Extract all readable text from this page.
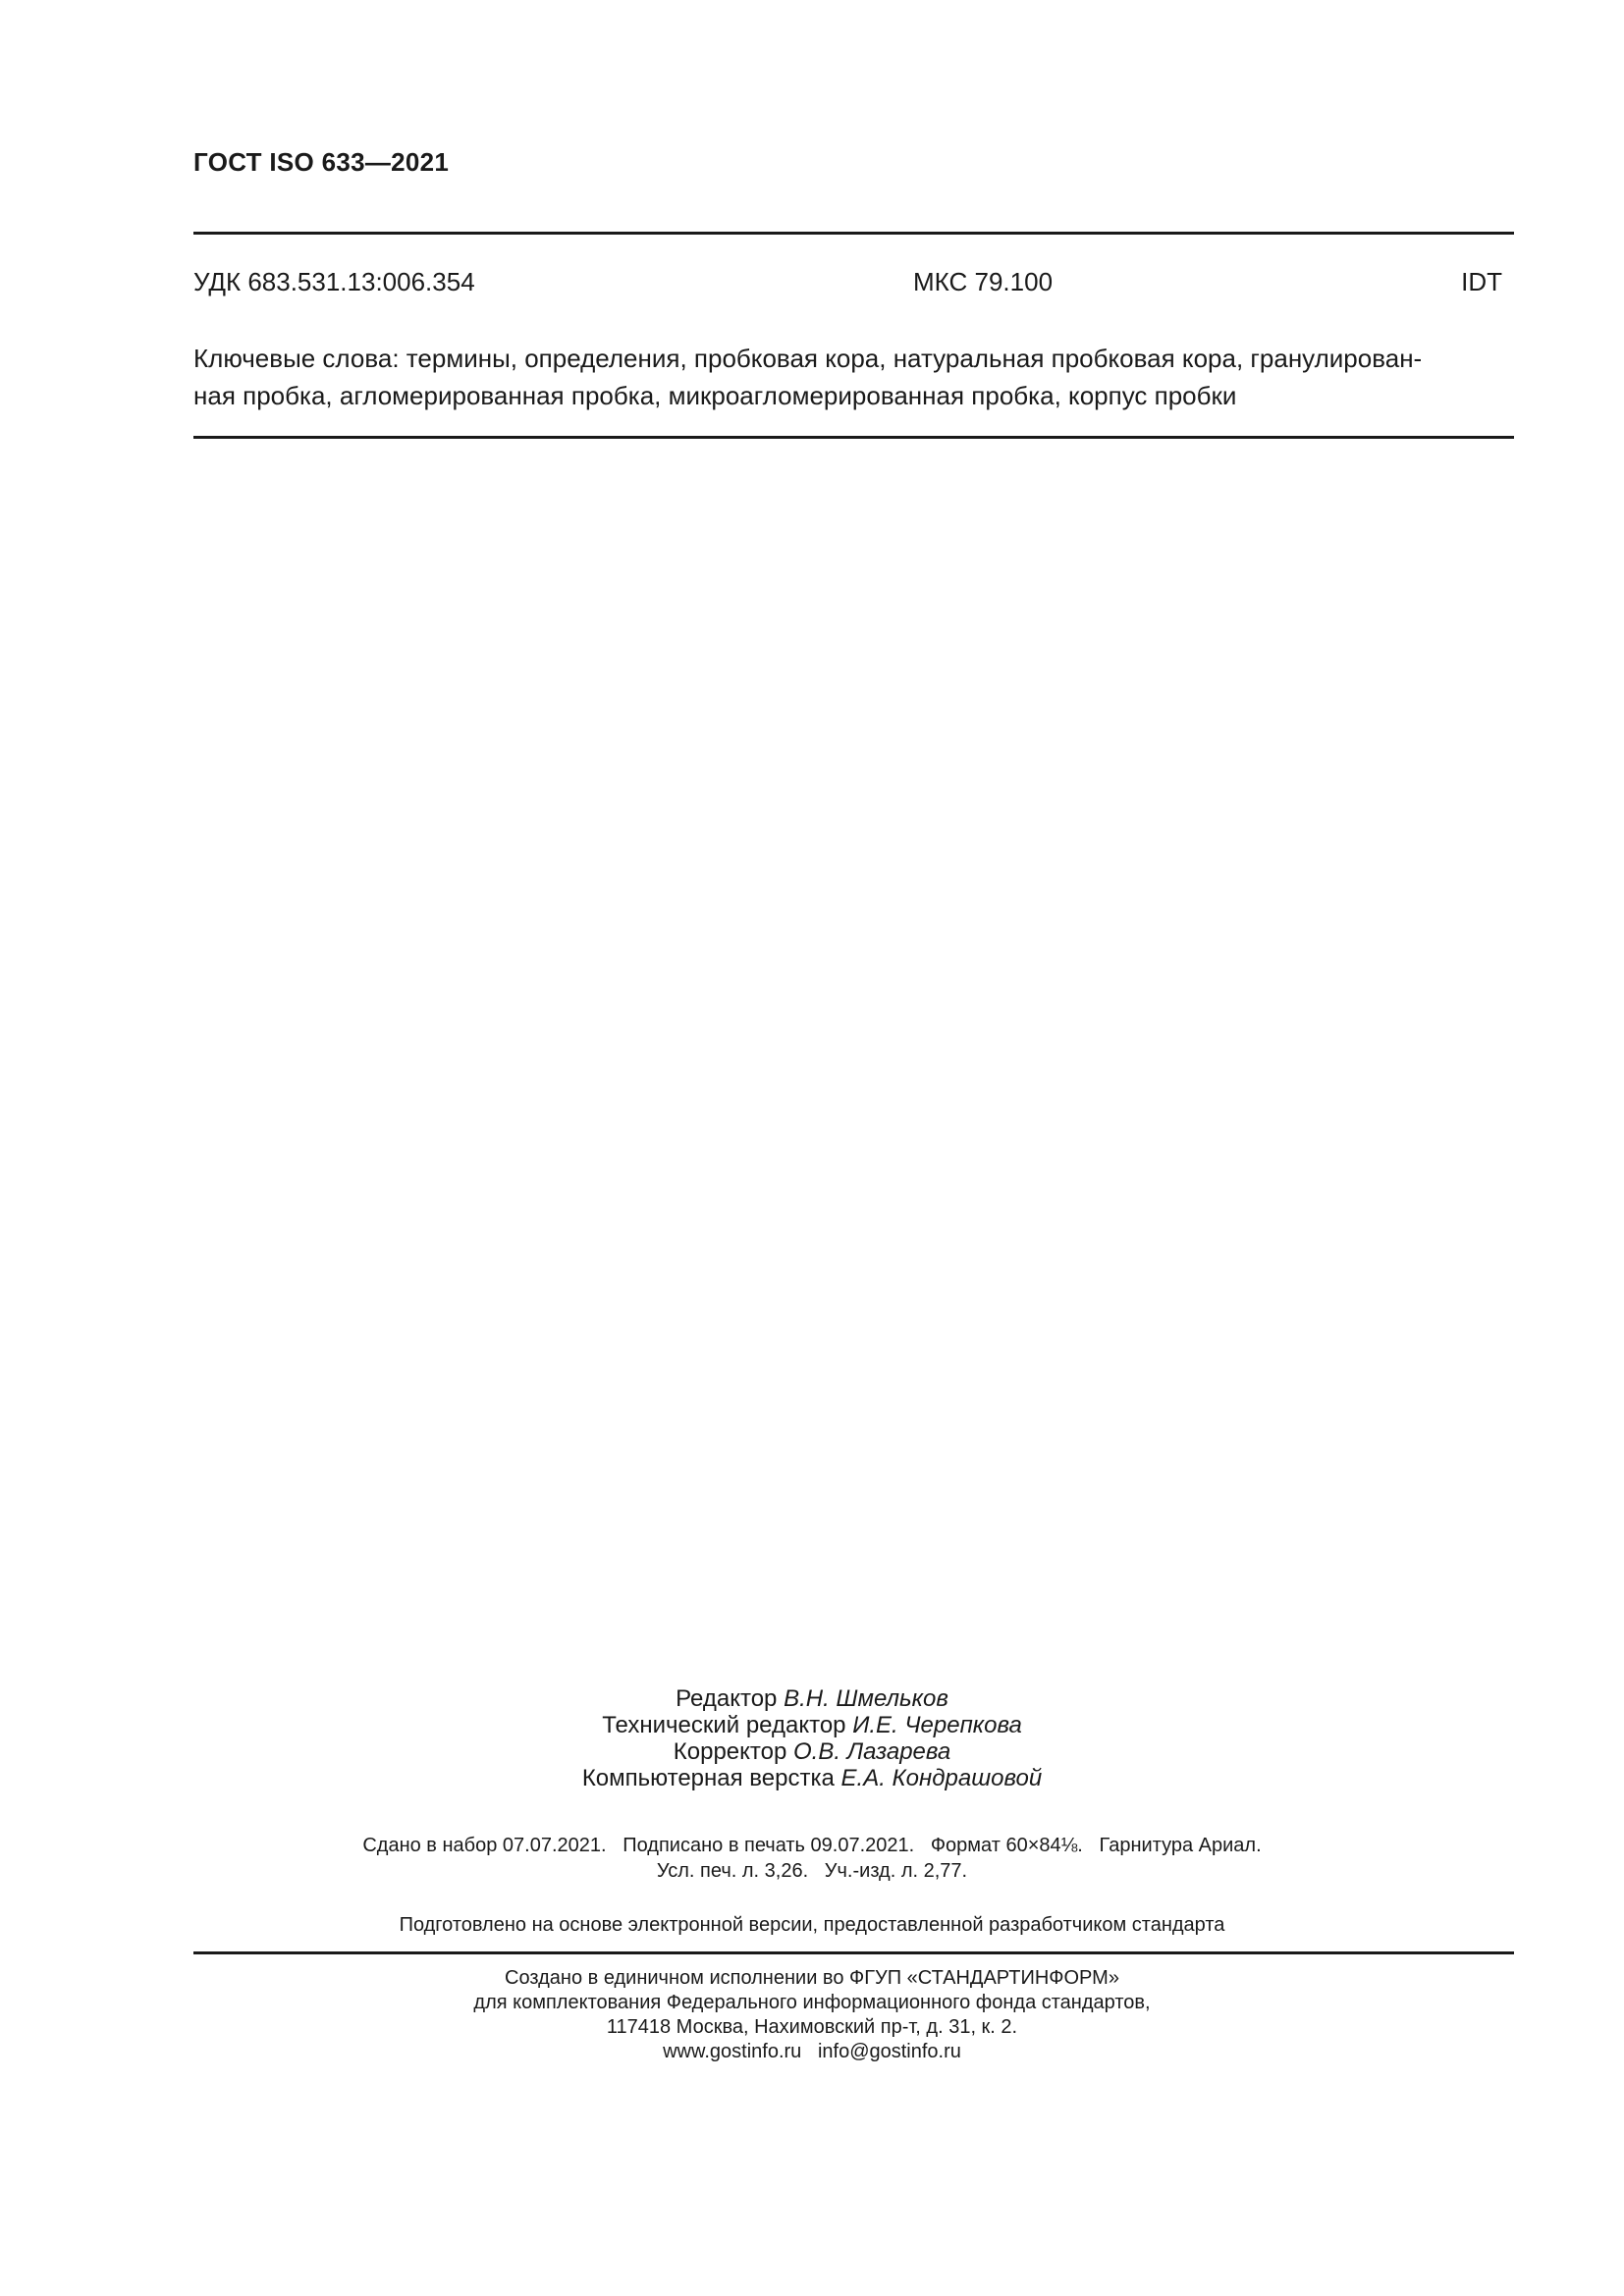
ГОСТ ISO 633—2021
УДК 683.531.13:006.354	МКС 79.100	IDT
Ключевые слова: термины, определения, пробковая кора, натуральная пробковая кора, гранулирован-
ная пробка, агломерированная пробка, микроагломерированная пробка, корпус пробки
Редактор В.Н. Шмельков
Технический редактор И.Е. Черепкова
Корректор О.В. Лазарева
Компьютерная верстка Е.А. Кондрашовой
Сдано в набор 07.07.2021.   Подписано в печать 09.07.2021.   Формат 60×84⅛.   Гарнитура Ариал.
Усл. печ. л. 3,26.   Уч.-изд. л. 2,77.
Подготовлено на основе электронной версии, предоставленной разработчиком стандарта
Создано в единичном исполнении во ФГУП «СТАНДАРТИНФОРМ»
для комплектования Федерального информационного фонда стандартов,
117418 Москва, Нахимовский пр-т, д. 31, к. 2.
www.gostinfo.ru   info@gostinfo.ru
